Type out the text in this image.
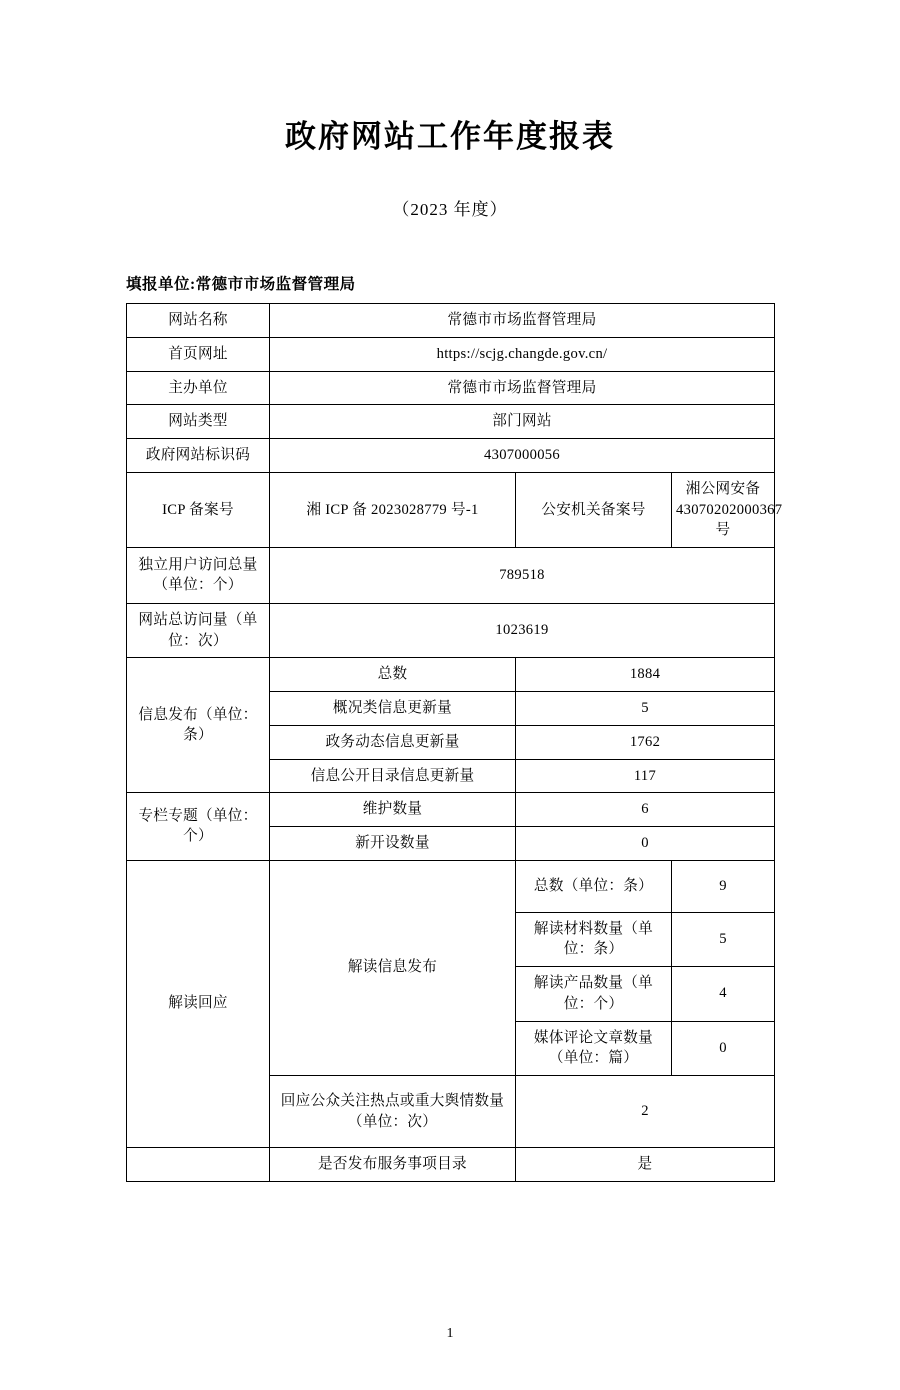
政府网站工作年度报表
（2023 年度）
填报单位:常德市市场监督管理局
网站名称	常德市市场监督管理局		
首页网址	https://scjg.changde.gov.cn/		
主办单位	常德市市场监督管理局		
网站类型	部门网站		
政府网站标识码	4307000056		
ICP 备案号	湘 ICP 备 2023028779 号-1	公安机关备案号	湘公网安备 43070202000367 号
独立用户访问总量（单位：个）	789518		
网站总访问量（单位：次）	1023619		
信息发布（单位：条）	总数	1884	
	概况类信息更新量	5	
	政务动态信息更新量	1762	
	信息公开目录信息更新量	117	
专栏专题（单位：个）	维护数量	6	
	新开设数量	0	
解读回应	解读信息发布	总数（单位：条）	9
		解读材料数量（单位：条）	5
		解读产品数量（单位：个）	4
		媒体评论文章数量（单位：篇）	0
	回应公众关注热点或重大舆情数量（单位：次）	2	
	是否发布服务事项目录	是	
1
